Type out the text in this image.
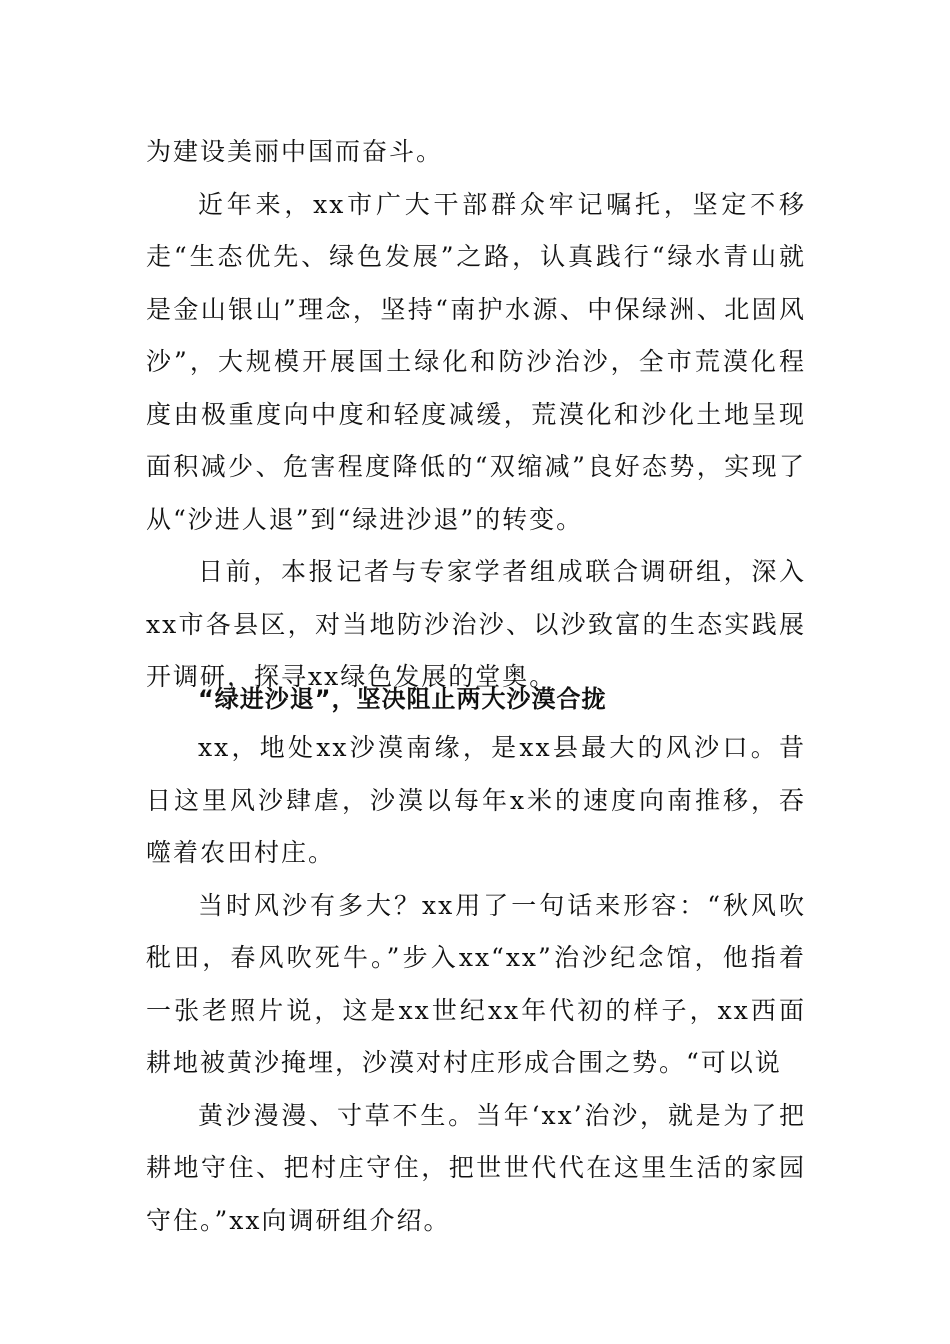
为建设美丽中国而奋斗。

近年来，xx市广大干部群众牢记嘱托，坚定不移走“生态优先、绿色发展”之路，认真践行“绿水青山就是金山银山”理念，坚持“南护水源、中保绿洲、北固风沙”，大规模开展国土绿化和防沙治沙，全市荒漠化程度由极重度向中度和轻度减缓，荒漠化和沙化土地呈现面积减少、危害程度降低的“双缩减”良好态势，实现了从“沙进人退”到“绿进沙退”的转变。

日前，本报记者与专家学者组成联合调研组，深入xx市各县区，对当地防沙治沙、以沙致富的生态实践展开调研，探寻xx绿色发展的堂奥。

“绿进沙退”，坚决阻止两大沙漠合拢

xx，地处xx沙漠南缘，是xx县最大的风沙口。昔日这里风沙肆虐，沙漠以每年x米的速度向南推移，吞噬着农田村庄。

当时风沙有多大？xx用了一句话来形容：“秋风吹秕田，春风吹死牛。”步入xx“xx”治沙纪念馆，他指着一张老照片说，这是xx世纪xx年代初的样子，xx西面耕地被黄沙掩埋，沙漠对村庄形成合围之势。“可以说

黄沙漫漫、寸草不生。当年‘xx’治沙，就是为了把耕地守住、把村庄守住，把世世代代在这里生活的家园守住。”xx向调研组介绍。
